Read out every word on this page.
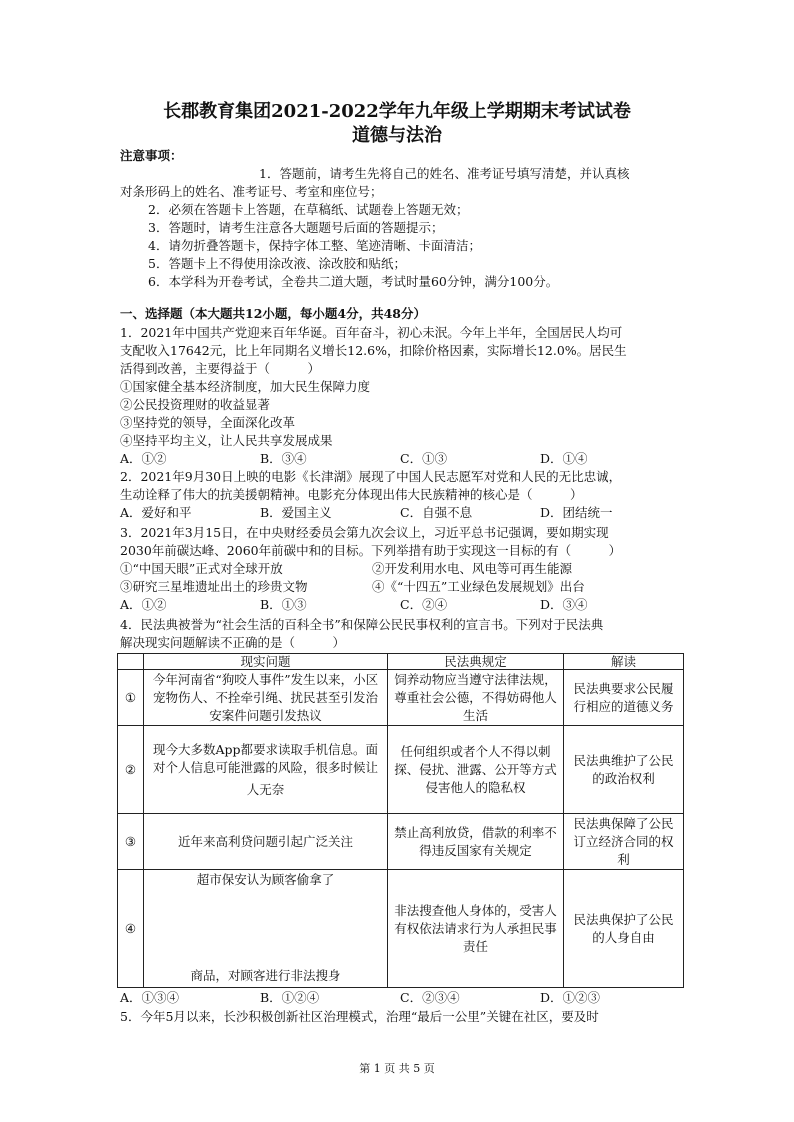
长郡教育集团2021-2022学年九年级上学期期末考试试卷
道德与法治
注意事项：
1．答题前，请考生先将自己的姓名、准考证号填写清楚，并认真核
对条形码上的姓名、准考证号、考室和座位号；
2．必须在答题卡上答题，在草稿纸、试题卷上答题无效；
3．答题时，请考生注意各大题题号后面的答题提示；
4．请勿折叠答题卡，保持字体工整、笔迹清晰、卡面清洁；
5．答题卡上不得使用涂改液、涂改胶和贴纸；
6．本学科为开卷考试，全卷共二道大题，考试时量60分钟，满分100分。
一、选择题（本大题共12小题，每小题4分，共48分）
1．2021年中国共产党迎来百年华诞。百年奋斗，初心未泯。今年上半年，全国居民人均可
支配收入17642元，比上年同期名义增长12.6%，扣除价格因素，实际增长12.0%。居民生
活得到改善，主要得益于（　　　）
①国家健全基本经济制度，加大民生保障力度
②公民投资理财的收益显著
③坚持党的领导，全面深化改革
④坚持平均主义，让人民共享发展成果
A．①②	B．③④	C．①③	D．①④
2．2021年9月30日上映的电影《长津湖》展现了中国人民志愿军对党和人民的无比忠诚，
生动诠释了伟大的抗美援朝精神。电影充分体现出伟大民族精神的核心是（　　　）
A．爱好和平	B．爱国主义	C．自强不息	D．团结统一
3．2021年3月15日，在中央财经委员会第九次会议上，习近平总书记强调，要如期实现
2030年前碳达峰、2060年前碳中和的目标。下列举措有助于实现这一目标的有（　　　）
①“中国天眼”正式对全球开放	②开发利用水电、风电等可再生能源
③研究三星堆遗址出土的珍贵文物	④《“十四五”工业绿色发展规划》出台
A．①②	B．①③	C．②④	D．③④
4．民法典被誉为“社会生活的百科全书”和保障公民民事权利的宣言书。下列对于民法典
解决现实问题解读不正确的是（　　　）
	现实问题	民法典规定	解读
①	今年河南省“狗咬人事件”发生以来，小区宠物伤人、不拴牵引绳、扰民甚至引发治安案件问题引发热议	饲养动物应当遵守法律法规，尊重社会公德，不得妨碍他人生活	民法典要求公民履行相应的道德义务
②	现今大多数App都要求读取手机信息。面对个人信息可能泄露的风险，很多时候让
人无奈	任何组织或者个人不得以刺探、侵扰、泄露、公开等方式侵害他人的隐私权	民法典维护了公民的政治权利
③	近年来高利贷问题引起广泛关注	禁止高利放贷，借款的利率不得违反国家有关规定	民法典保障了公民订立经济合同的权利
④	超市保安认为顾客偷拿了
商品，对顾客进行非法搜身	非法搜查他人身体的，受害人有权依法请求行为人承担民事责任	民法典保护了公民的人身自由
A．①③④	B．①②④	C．②③④	D．①②③
5．今年5月以来，长沙积极创新社区治理模式，治理“最后一公里”关键在社区，要及时
第 1 页 共 5 页
